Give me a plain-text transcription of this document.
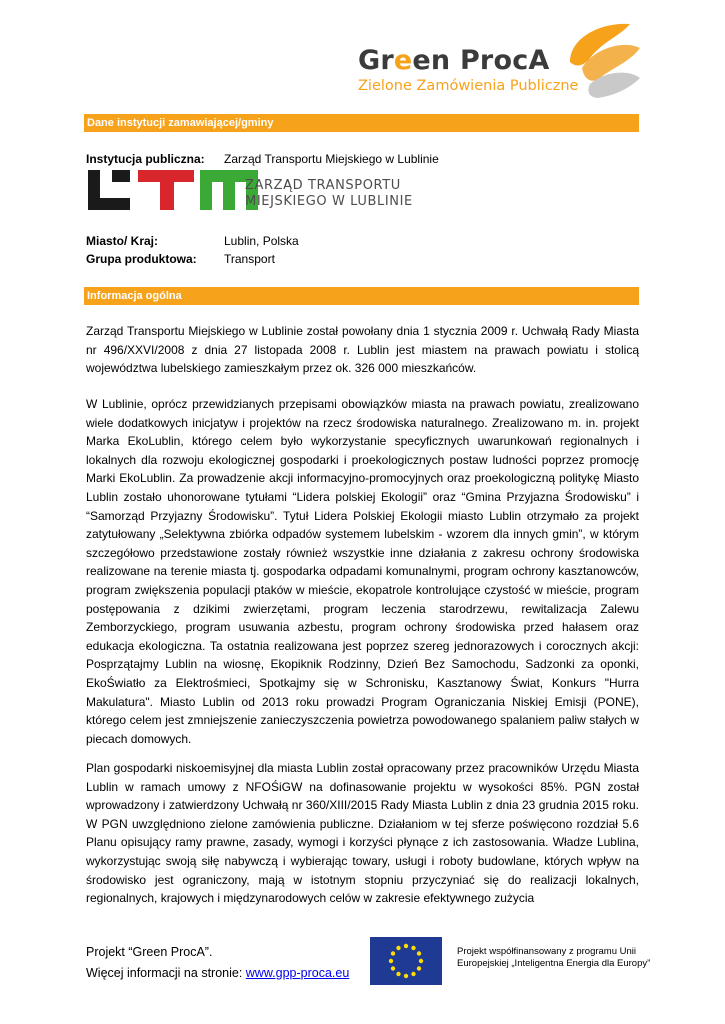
Green ProcA
Zielone Zamówienia Publiczne
Dane instytucji zamawiającej/gminy
Instytucja publiczna: Zarząd Transportu Miejskiego w Lublinie
ZARZĄD TRANSPORTU
MIEJSKIEGO W LUBLINIE
Miasto/ Kraj:	Lublin, Polska
Grupa produktowa: Transport
Informacja ogólna

Zarząd Transportu Miejskiego w Lublinie został powołany dnia 1 stycznia 2009 r. Uchwałą Rady Miasta nr 496/XXVI/2008 z dnia 27 listopada 2008 r. Lublin jest miastem na prawach powiatu i stolicą województwa lubelskiego zamieszkałym przez ok. 326 000 mieszkańców.

W Lublinie, oprócz przewidzianych przepisami obowiązków miasta na prawach powiatu, zrealizowano wiele dodatkowych inicjatyw i projektów na rzecz środowiska naturalnego. Zrealizowano m. in. projekt Marka EkoLublin, którego celem było wykorzystanie specyficznych uwarunkowań regionalnych i lokalnych dla rozwoju ekologicznej gospodarki i proekologicznych postaw ludności poprzez promocję Marki EkoLublin. Za prowadzenie akcji informacyjno-promocyjnych oraz proekologiczną politykę Miasto Lublin zostało uhonorowane tytułami “Lidera polskiej Ekologii” oraz “Gmina Przyjazna Środowisku” i “Samorząd Przyjazny Środowisku”. Tytuł Lidera Polskiej Ekologii miasto Lublin otrzymało za projekt zatytułowany „Selektywna zbiórka odpadów systemem lubelskim - wzorem dla innych gmin”, w którym szczegółowo przedstawione zostały również wszystkie inne działania z zakresu ochrony środowiska realizowane na terenie miasta tj. gospodarka odpadami komunalnymi, program ochrony kasztanowców, program zwiększenia populacji ptaków w mieście, ekopatrole kontrolujące czystość w mieście, program postępowania z dzikimi zwierzętami, program leczenia starodrzewu, rewitalizacja Zalewu Zemborzyckiego, program usuwania azbestu, program ochrony środowiska przed hałasem oraz edukacja ekologiczna. Ta ostatnia realizowana jest poprzez szereg jednorazowych i corocznych akcji: Posprzątajmy Lublin na wiosnę, Ekopiknik Rodzinny, Dzień Bez Samochodu, Sadzonki za oponki, EkoŚwiatło za Elektrośmieci, Spotkajmy się w Schronisku, Kasztanowy Świat, Konkurs "Hurra Makulatura". Miasto Lublin od 2013 roku prowadzi Program Ograniczania Niskiej Emisji (PONE), którego celem jest zmniejszenie zanieczyszczenia powietrza powodowanego spalaniem paliw stałych w piecach domowych.

Plan gospodarki niskoemisyjnej dla miasta Lublin został opracowany przez pracowników Urzędu Miasta Lublin w ramach umowy z NFOŚiGW na dofinasowanie projektu w wysokości 85%. PGN został wprowadzony i zatwierdzony Uchwałą nr 360/XIII/2015 Rady Miasta Lublin z dnia 23 grudnia 2015 roku. W PGN uwzględniono zielone zamówienia publiczne. Działaniom w tej sferze poświęcono rozdział 5.6 Planu opisujący ramy prawne, zasady, wymogi i korzyści płynące z ich zastosowania. Władze Lublina, wykorzystując swoją siłę nabywczą i wybierając towary, usługi i roboty budowlane, których wpływ na środowisko jest ograniczony, mają w istotnym stopniu przyczyniać się do realizacji lokalnych, regionalnych, krajowych i międzynarodowych celów w zakresie efektywnego zużycia

Projekt “Green ProcA”.
Więcej informacji na stronie: www.gpp-proca.eu
Projekt współfinansowany z programu Unii
Europejskiej „Inteligentna Energia dla Europy”
